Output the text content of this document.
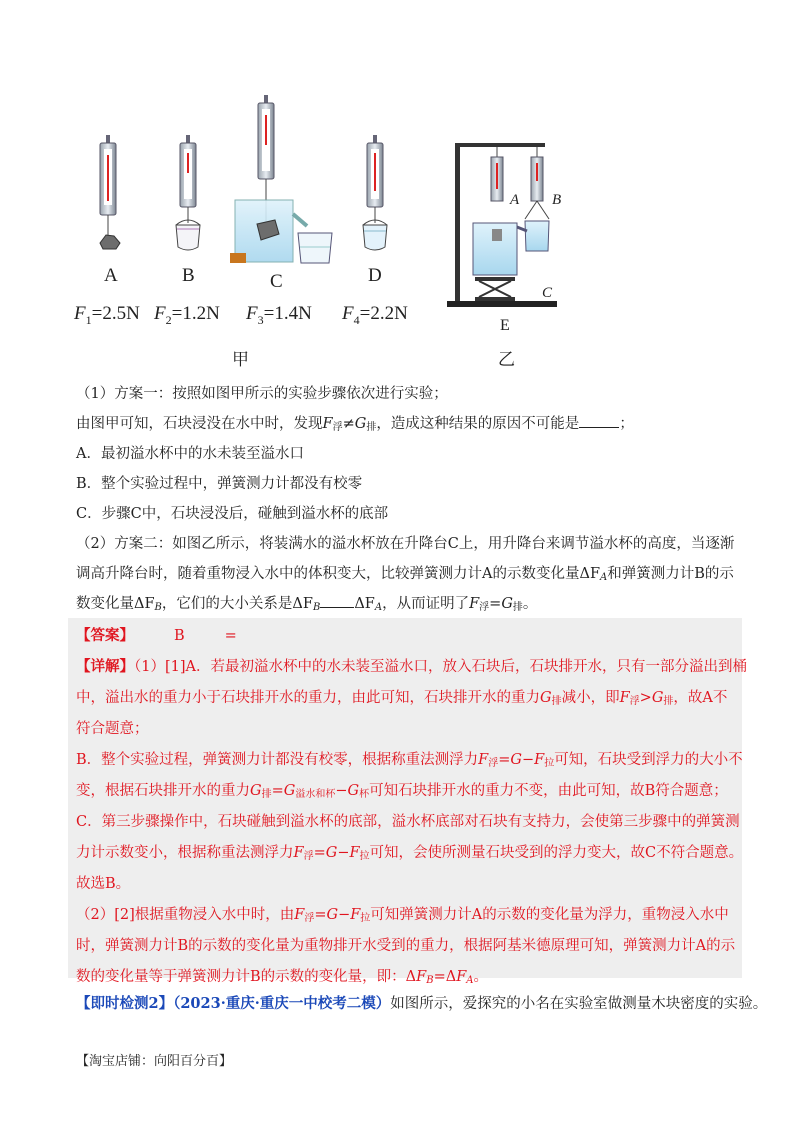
A	B	C	D
A B
C
E
$F_1=2.5N$ $F_2=1.2N$ $F_3=1.4N$ $F_4=2.2N$
甲	乙
（1）方案一：按照如图甲所示的实验步骤依次进行实验；
由图甲可知，石块浸没在水中时，发现$F_浮\ne G_排$，造成这种结果的原因不可能是	；
A．最初溢水杯中的水未装至溢水口
B．整个实验过程中，弹簧测力计都没有校零
C．步骤C中，石块浸没后，碰触到溢水杯的底部
（2）方案二：如图乙所示，将装满水的溢水杯放在升降台C上，用升降台来调节溢水杯的高度，当逐渐
调高升降台时，随着重物浸入水中的体积变大，比较弹簧测力计A的示数变化量$\Delta F_A$和弹簧测力计B的示
数变化量$\Delta F_B$，它们的大小关系是$\Delta F_B$ $\Delta F_A$，从而证明了$F_浮=G_排$。
【答案】	B	=
【详解】（1）[1]A．若最初溢水杯中的水未装至溢水口，放入石块后，石块排开水，只有一部分溢出到桶
中，溢出水的重力小于石块排开水的重力，由此可知，石块排开水的重力$G_排$减小，即$F_浮>G_排$，故A不
符合题意；
B．整个实验过程，弹簧测力计都没有校零，根据称重法测浮力$F_浮=G-F_拉$可知，石块受到浮力的大小不
变，根据石块排开水的重力$G_排=G_{溢水和杯}-G_杯$可知石块排开水的重力不变，由此可知，故B符合题意；
C．第三步骤操作中，石块碰触到溢水杯的底部，溢水杯底部对石块有支持力，会使第三步骤中的弹簧测
力计示数变小，根据称重法测浮力$F_浮=G-F_拉$可知，会使所测量石块受到的浮力变大，故C不符合题意。
故选B。
（2）[2]根据重物浸入水中时，由$F_浮=G-F_拉$可知弹簧测力计A的示数的变化量为浮力，重物浸入水中
时，弹簧测力计B的示数的变化量为重物排开水受到的重力，根据阿基米德原理可知，弹簧测力计A的示
数的变化量等于弹簧测力计B的示数的变化量，即：$\Delta F_B=\Delta F_A$。
【即时检测2】（2023·重庆·重庆一中校考二模）如图所示，爱探究的小名在实验室做测量木块密度的实验。
【淘宝店铺：向阳百分百】
